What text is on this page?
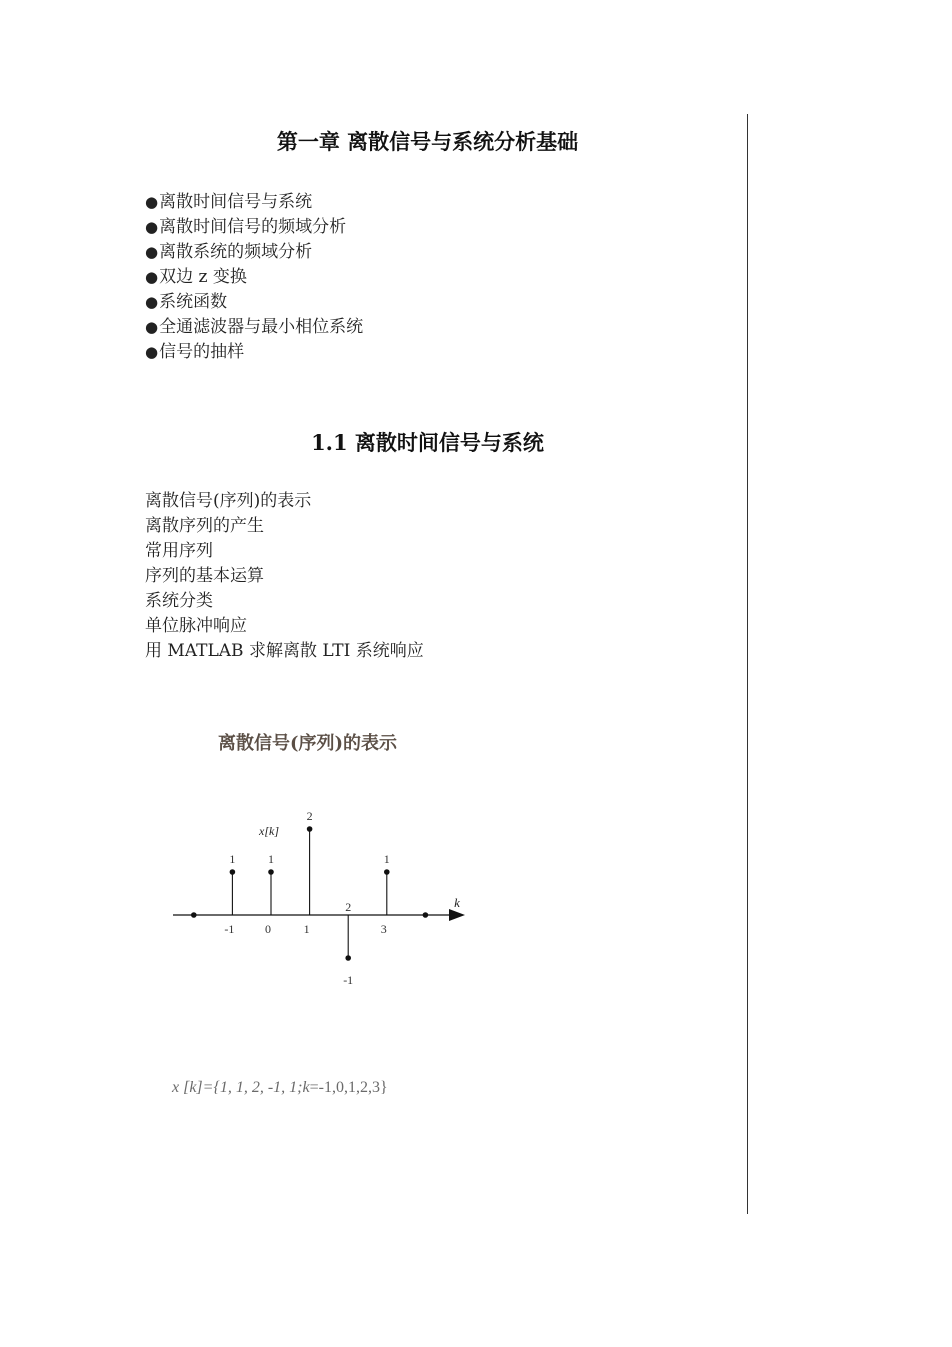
第一章 离散信号与系统分析基础
●离散时间信号与系统
●离散时间信号的频域分析
●离散系统的频域分析
●双边 z 变换
●系统函数
●全通滤波器与最小相位系统
●信号的抽样
1.1 离散时间信号与系统
离散信号(序列)的表示
离散序列的产生
常用序列
序列的基本运算
系统分类
单位脉冲响应
用 MATLAB 求解离散 LTI 系统响应
离散信号(序列)的表示
-1	0	1	3
1	1
2
2
-1
1
x[k]
k
x [k]={1, 1, 2, -1, 1;k=-1,0,1,2,3}
